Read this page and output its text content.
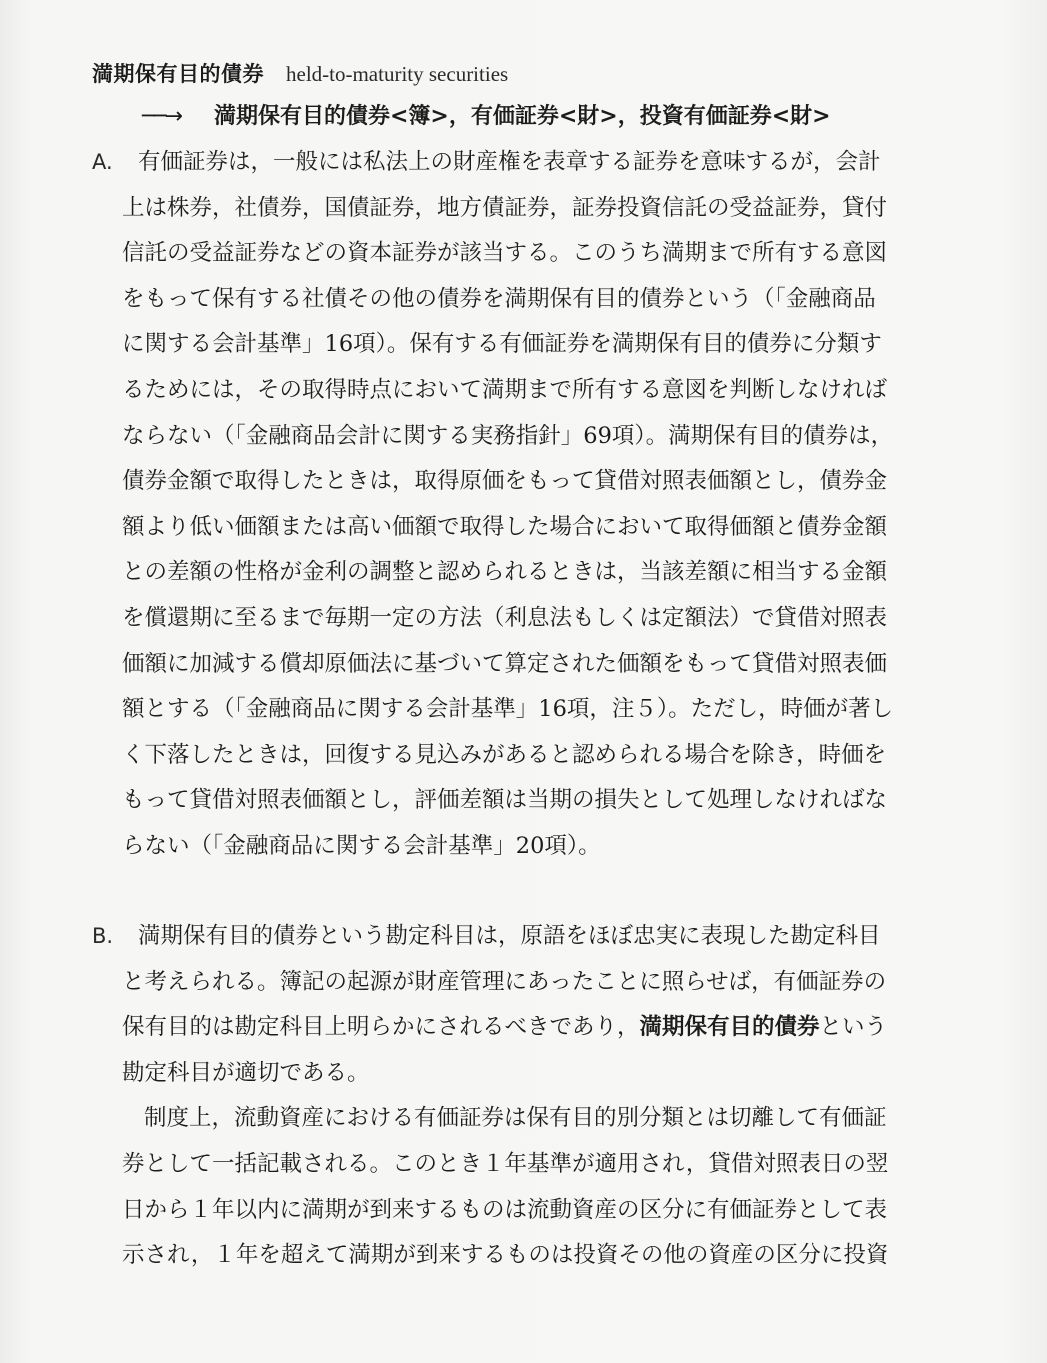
満期保有目的債券 held-to-maturity securities
──→ 満期保有目的債券<簿>，有価証券<財>，投資有価証券<財>
A. 有価証券は，一般には私法上の財産権を表章する証券を意味するが，会計
上は株券，社債券，国債証券，地方債証券，証券投資信託の受益証券，貸付
信託の受益証券などの資本証券が該当する。このうち満期まで所有する意図
をもって保有する社債その他の債券を満期保有目的債券という（「金融商品
に関する会計基準」16項）。保有する有価証券を満期保有目的債券に分類す
るためには，その取得時点において満期まで所有する意図を判断しなければ
ならない（「金融商品会計に関する実務指針」69項）。満期保有目的債券は，
債券金額で取得したときは，取得原価をもって貸借対照表価額とし，債券金
額より低い価額または高い価額で取得した場合において取得価額と債券金額
との差額の性格が金利の調整と認められるときは，当該差額に相当する金額
を償還期に至るまで毎期一定の方法（利息法もしくは定額法）で貸借対照表
価額に加減する償却原価法に基づいて算定された価額をもって貸借対照表価
額とする（「金融商品に関する会計基準」16項，注５）。ただし，時価が著し
く下落したときは，回復する見込みがあると認められる場合を除き，時価を
もって貸借対照表価額とし，評価差額は当期の損失として処理しなければな
らない（「金融商品に関する会計基準」20項）。
B. 満期保有目的債券という勘定科目は，原語をほぼ忠実に表現した勘定科目
と考えられる。簿記の起源が財産管理にあったことに照らせば，有価証券の
保有目的は勘定科目上明らかにされるべきであり，満期保有目的債券という
勘定科目が適切である。
制度上，流動資産における有価証券は保有目的別分類とは切離して有価証
券として一括記載される。このとき１年基準が適用され，貸借対照表日の翌
日から１年以内に満期が到来するものは流動資産の区分に有価証券として表
示され，１年を超えて満期が到来するものは投資その他の資産の区分に投資
